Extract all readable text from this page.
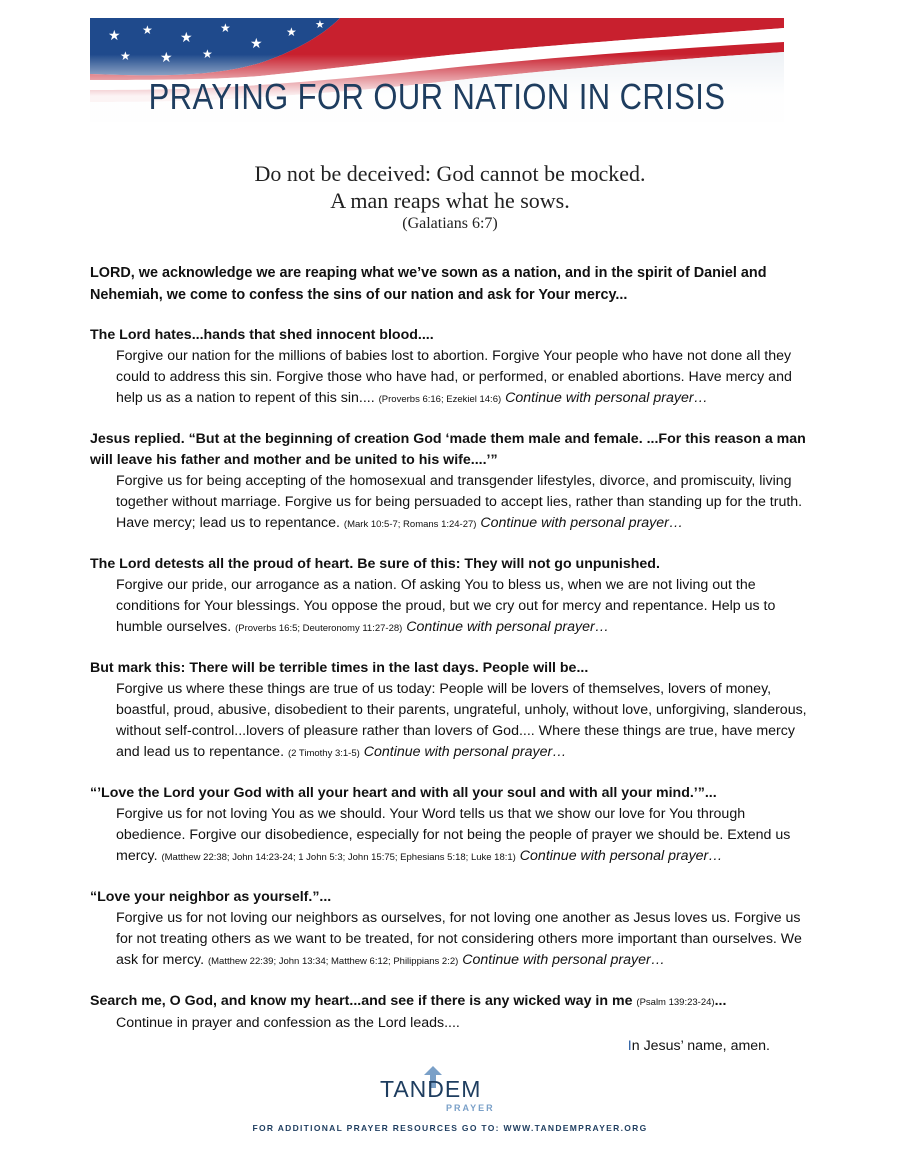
PRAYING FOR OUR NATION IN CRISIS
Do not be deceived: God cannot be mocked.
A man reaps what he sows.
(Galatians 6:7)

LORD, we acknowledge we are reaping what we’ve sown as a nation, and in the spirit of Daniel and Nehemiah, we come to confess the sins of our nation and ask for Your mercy...

The Lord hates...hands that shed innocent blood....

Forgive our nation for the millions of babies lost to abortion. Forgive Your people who have not done all they could to address this sin. Forgive those who have had, or performed, or enabled abortions. Have mercy and help us as a nation to repent of this sin.... (Proverbs 6:16; Ezekiel 14:6) Continue with personal prayer…

Jesus replied. “But at the beginning of creation God ‘made them male and female. ...For this reason a man will leave his father and mother and be united to his wife....’”

Forgive us for being accepting of the homosexual and transgender lifestyles, divorce, and promiscuity, living together without marriage. Forgive us for being persuaded to accept lies, rather than standing up for the truth. Have mercy; lead us to repentance. (Mark 10:5-7; Romans 1:24-27) Continue with personal prayer…

The Lord detests all the proud of heart. Be sure of this: They will not go unpunished.

Forgive our pride, our arrogance as a nation. Of asking You to bless us, when we are not living out the conditions for Your blessings. You oppose the proud, but we cry out for mercy and repentance. Help us to humble ourselves. (Proverbs 16:5; Deuteronomy 11:27-28) Continue with personal prayer…

But mark this: There will be terrible times in the last days. People will be...

Forgive us where these things are true of us today: People will be lovers of themselves, lovers of money, boastful, proud, abusive, disobedient to their parents, ungrateful, unholy, without love, unforgiving, slanderous, without self-control...lovers of pleasure rather than lovers of God.... Where these things are true, have mercy and lead us to repentance. (2 Timothy 3:1-5) Continue with personal prayer…

“’Love the Lord your God with all your heart and with all your soul and with all your mind.’”...

Forgive us for not loving You as we should. Your Word tells us that we show our love for You through obedience. Forgive our disobedience, especially for not being the people of prayer we should be. Extend us mercy. (Matthew 22:38; John 14:23-24; 1 John 5:3; John 15:75; Ephesians 5:18; Luke 18:1) Continue with personal prayer…

“Love your neighbor as yourself.”...

Forgive us for not loving our neighbors as ourselves, for not loving one another as Jesus loves us. Forgive us for not treating others as we want to be treated, for not considering others more important than ourselves. We ask for mercy. (Matthew 22:39; John 13:34; Matthew 6:12; Philippians 2:2) Continue with personal prayer…

Search me, O God, and know my heart...and see if there is any wicked way in me (Psalm 139:23-24)...

Continue in prayer and confession as the Lord leads....

In Jesus’ name, amen.

TANDEM
PRAYER
FOR ADDITIONAL PRAYER RESOURCES GO TO: WWW.TANDEMPRAYER.ORG
